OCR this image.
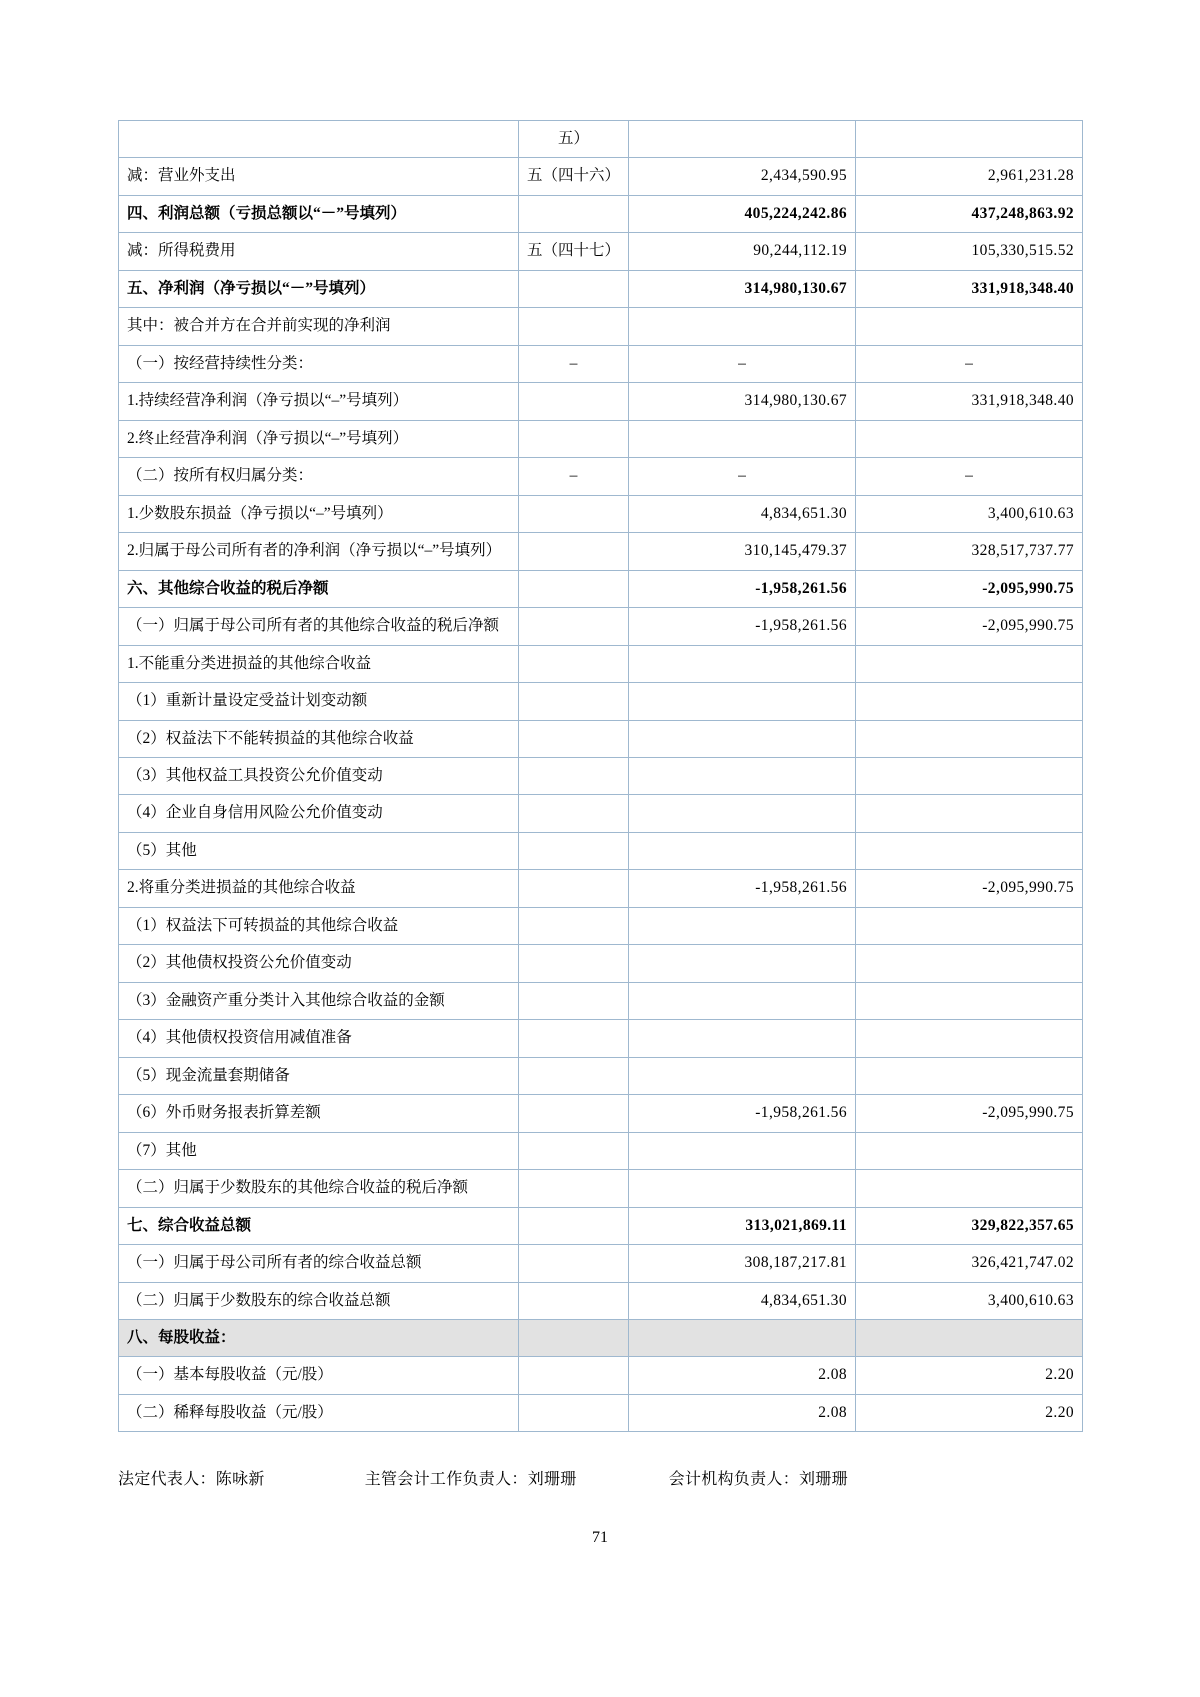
	五）		
减：营业外支出	五（四十六）	2,434,590.95	2,961,231.28
四、利润总额（亏损总额以“－”号填列）		405,224,242.86	437,248,863.92
减：所得税费用	五（四十七）	90,244,112.19	105,330,515.52
五、净利润（净亏损以“－”号填列）		314,980,130.67	331,918,348.40
其中：被合并方在合并前实现的净利润			
（一）按经营持续性分类：	–	–	–
1.持续经营净利润（净亏损以“–”号填列）		314,980,130.67	331,918,348.40
2.终止经营净利润（净亏损以“–”号填列）			
（二）按所有权归属分类：	–	–	–
1.少数股东损益（净亏损以“–”号填列）		4,834,651.30	3,400,610.63
2.归属于母公司所有者的净利润（净亏损以“–”号填列）		310,145,479.37	328,517,737.77
六、其他综合收益的税后净额		-1,958,261.56	-2,095,990.75
（一）归属于母公司所有者的其他综合收益的税后净额		-1,958,261.56	-2,095,990.75
1.不能重分类进损益的其他综合收益			
（1）重新计量设定受益计划变动额			
（2）权益法下不能转损益的其他综合收益			
（3）其他权益工具投资公允价值变动			
（4）企业自身信用风险公允价值变动			
（5）其他			
2.将重分类进损益的其他综合收益		-1,958,261.56	-2,095,990.75
（1）权益法下可转损益的其他综合收益			
（2）其他债权投资公允价值变动			
（3）金融资产重分类计入其他综合收益的金额			
（4）其他债权投资信用减值准备			
（5）现金流量套期储备			
（6）外币财务报表折算差额		-1,958,261.56	-2,095,990.75
（7）其他			
（二）归属于少数股东的其他综合收益的税后净额			
七、综合收益总额		313,021,869.11	329,822,357.65
（一）归属于母公司所有者的综合收益总额		308,187,217.81	326,421,747.02
（二）归属于少数股东的综合收益总额		4,834,651.30	3,400,610.63
八、每股收益：			
（一）基本每股收益（元/股）		2.08	2.20
（二）稀释每股收益（元/股）		2.08	2.20
法定代表人：陈咏新	主管会计工作负责人：刘珊珊	会计机构负责人：刘珊珊
71
